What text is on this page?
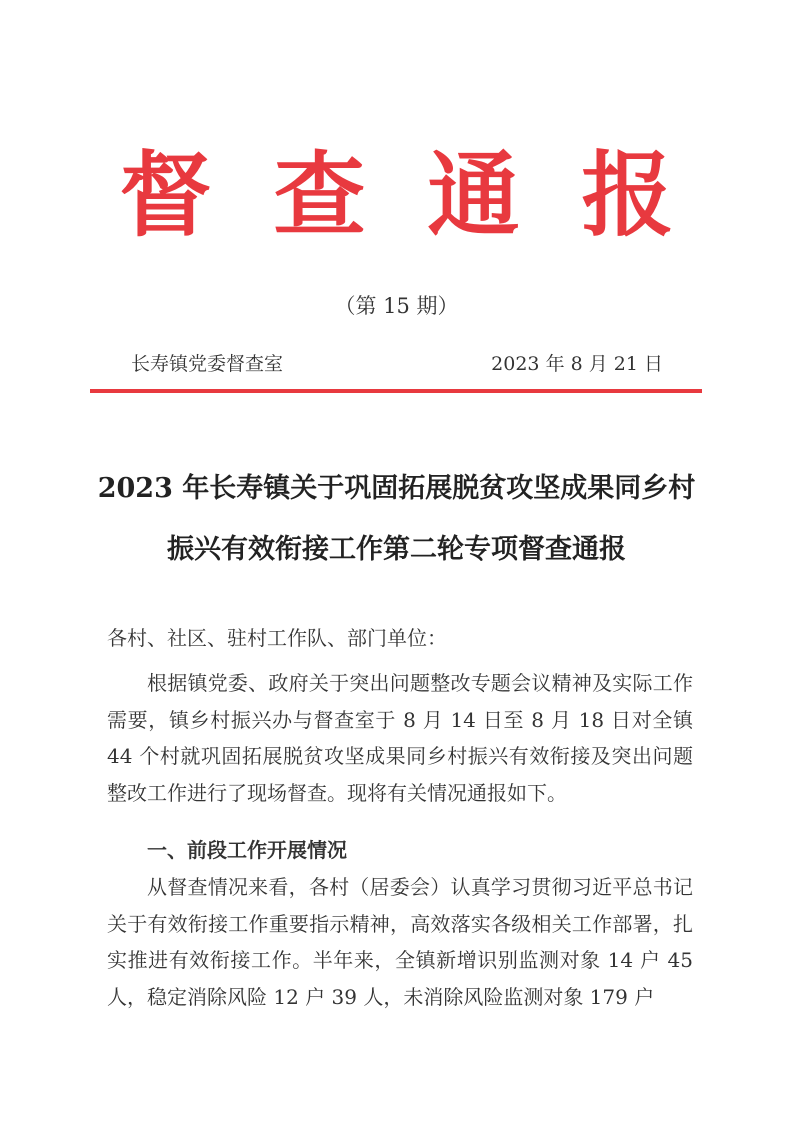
督查通报
（第 15 期）
长寿镇党委督查室	2023 年 8 月 21 日
2023 年长寿镇关于巩固拓展脱贫攻坚成果同乡村
振兴有效衔接工作第二轮专项督查通报
各村、社区、驻村工作队、部门单位：
根据镇党委、政府关于突出问题整改专题会议精神及实际工作需要，镇乡村振兴办与督查室于 8 月 14 日至 8 月 18 日对全镇 44 个村就巩固拓展脱贫攻坚成果同乡村振兴有效衔接及突出问题整改工作进行了现场督查。现将有关情况通报如下。
一、前段工作开展情况
从督查情况来看，各村（居委会）认真学习贯彻习近平总书记关于有效衔接工作重要指示精神，高效落实各级相关工作部署，扎实推进有效衔接工作。半年来，全镇新增识别监测对象 14 户 45 人，稳定消除风险 12 户 39 人，未消除风险监测对象 179 户
